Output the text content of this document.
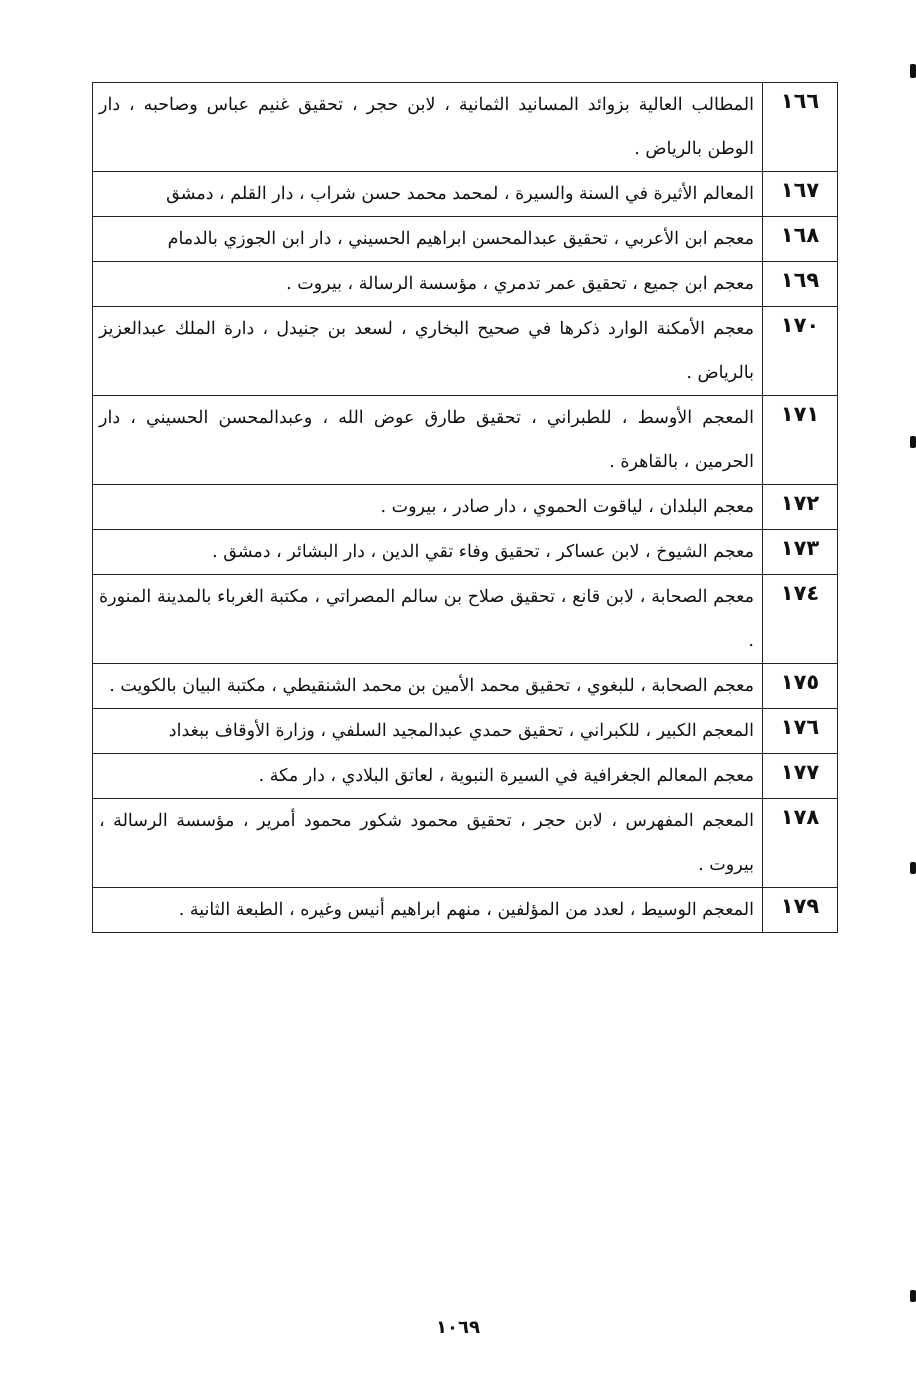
١٦٦	المطالب العالية بزوائد المسانيد الثمانية ، لابن حجر ، تحقيق غنيم عباس وصاحبه ، دار الوطن بالرياض .
١٦٧	المعالم الأثيرة في السنة والسيرة ، لمحمد محمد حسن شراب ، دار القلم ، دمشق
١٦٨	معجم ابن الأعربي ، تحقيق عبدالمحسن ابراهيم الحسيني ، دار ابن الجوزي بالدمام
١٦٩	معجم ابن جميع ، تحقيق عمر تدمري ، مؤسسة الرسالة ، بيروت .
١٧٠	معجم الأمكنة الوارد ذكرها في صحيح البخاري ، لسعد بن جنيدل ، دارة الملك عبدالعزيز بالرياض .
١٧١	المعجم الأوسط ، للطبراني ، تحقيق طارق عوض الله ، وعبدالمحسن الحسيني ، دار الحرمين ، بالقاهرة .
١٧٢	معجم البلدان ، لياقوت الحموي ، دار صادر ، بيروت .
١٧٣	معجم الشيوخ ، لابن عساكر ، تحقيق وفاء تقي الدين ، دار البشائر ، دمشق .
١٧٤	معجم الصحابة ، لابن قانع ، تحقيق صلاح بن سالم المصراتي ، مكتبة الغرباء بالمدينة المنورة .
١٧٥	معجم الصحابة ، للبغوي ، تحقيق محمد الأمين بن محمد الشنقيطي ، مكتبة البيان بالكويت .
١٧٦	المعجم الكبير ، للكبراني ، تحقيق حمدي عبدالمجيد السلفي ، وزارة الأوقاف ببغداد
١٧٧	معجم المعالم الجغرافية في السيرة النبوية ، لعاتق البلادي ، دار مكة .
١٧٨	المعجم المفهرس ، لابن حجر ، تحقيق محمود شكور محمود أمرير ، مؤسسة الرسالة ، بيروت .
١٧٩	المعجم الوسيط ، لعدد من المؤلفين ، منهم ابراهيم أنيس وغيره ، الطبعة الثانية .
١٠٦٩
